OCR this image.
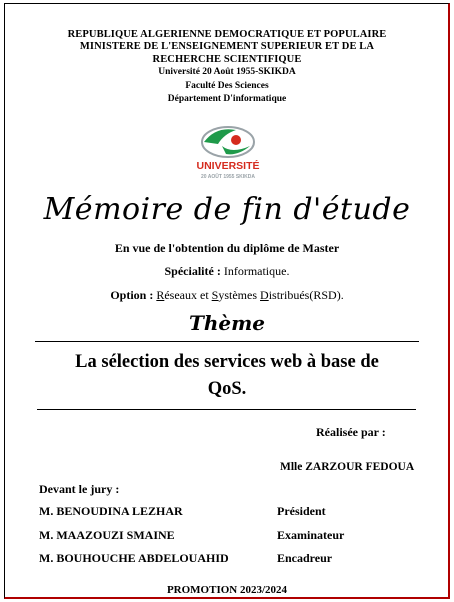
REPUBLIQUE ALGERIENNE DEMOCRATIQUE ET POPULAIRE
MINISTERE DE L'ENSEIGNEMENT SUPERIEUR ET DE LA
RECHERCHE SCIENTIFIQUE
Université 20 Août 1955-SKIKDA
Faculté Des Sciences
Département D'informatique
UNIVERSITÉ
20 AOÛT 1955 SKIKDA
Mémoire de fin d'étude
En vue de l'obtention du diplôme de Master
Spécialité : Informatique.
Option : Réseaux et Systèmes Distribués(RSD).
Thème
La sélection des services web à base de
QoS.
Réalisée par :
Mlle ZARZOUR FEDOUA
Devant le jury :
M. BENOUDINA LEZHAR	Président
M. MAAZOUZI SMAINE	Examinateur
M. BOUHOUCHE ABDELOUAHID	Encadreur
PROMOTION 2023/2024
